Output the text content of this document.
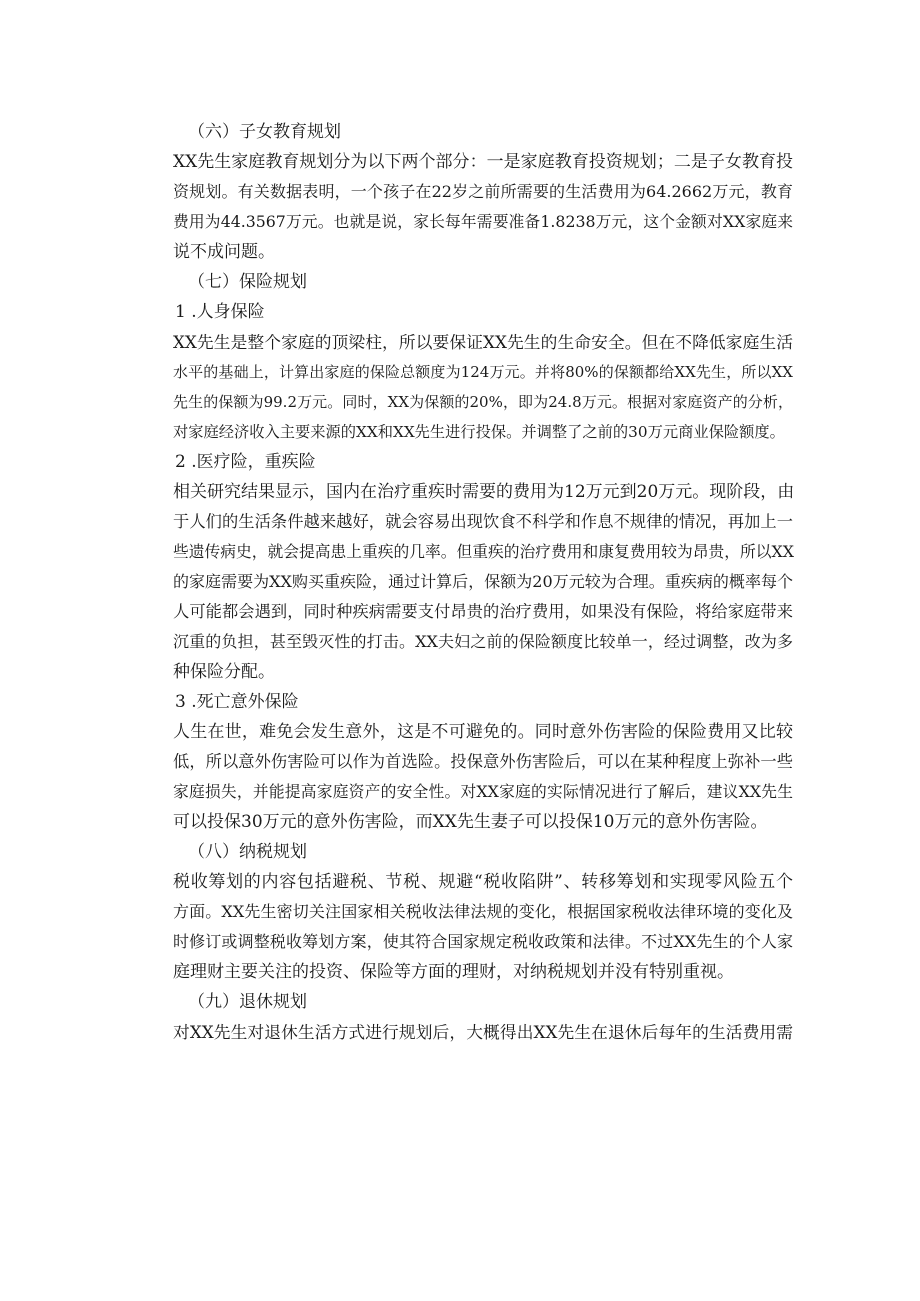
（六）子女教育规划
XX先生家庭教育规划分为以下两个部分：一是家庭教育投资规划；二是子女教育投
资规划。有关数据表明，一个孩子在22岁之前所需要的生活费用为64.2662万元，教育
费用为44.3567万元。也就是说，家长每年需要准备1.8238万元，这个金额对XX家庭来
说不成问题。
（七）保险规划
1 .人身保险
XX先生是整个家庭的顶梁柱，所以要保证XX先生的生命安全。但在不降低家庭生活
水平的基础上，计算出家庭的保险总额度为124万元。并将80%的保额都给XX先生，所以XX
先生的保额为99.2万元。同时，XX为保额的20%，即为24.8万元。根据对家庭资产的分析，
对家庭经济收入主要来源的XX和XX先生进行投保。并调整了之前的30万元商业保险额度。
2 .医疗险，重疾险
相关研究结果显示，国内在治疗重疾时需要的费用为12万元到20万元。现阶段，由
于人们的生活条件越来越好，就会容易出现饮食不科学和作息不规律的情况，再加上一
些遗传病史，就会提高患上重疾的几率。但重疾的治疗费用和康复费用较为昂贵，所以XX
的家庭需要为XX购买重疾险，通过计算后，保额为20万元较为合理。重疾病的概率每个
人可能都会遇到，同时种疾病需要支付昂贵的治疗费用，如果没有保险，将给家庭带来
沉重的负担，甚至毁灭性的打击。XX夫妇之前的保险额度比较单一，经过调整，改为多
种保险分配。
3 .死亡意外保险
人生在世，难免会发生意外，这是不可避免的。同时意外伤害险的保险费用又比较
低，所以意外伤害险可以作为首选险。投保意外伤害险后，可以在某种程度上弥补一些
家庭损失，并能提高家庭资产的安全性。对XX家庭的实际情况进行了解后，建议XX先生
可以投保30万元的意外伤害险，而XX先生妻子可以投保10万元的意外伤害险。
（八）纳税规划
税收筹划的内容包括避税、节税、规避“税收陷阱”、转移筹划和实现零风险五个
方面。XX先生密切关注国家相关税收法律法规的变化，根据国家税收法律环境的变化及
时修订或调整税收筹划方案，使其符合国家规定税收政策和法律。不过XX先生的个人家
庭理财主要关注的投资、保险等方面的理财，对纳税规划并没有特别重视。
（九）退休规划
对XX先生对退休生活方式进行规划后，大概得出XX先生在退休后每年的生活费用需
